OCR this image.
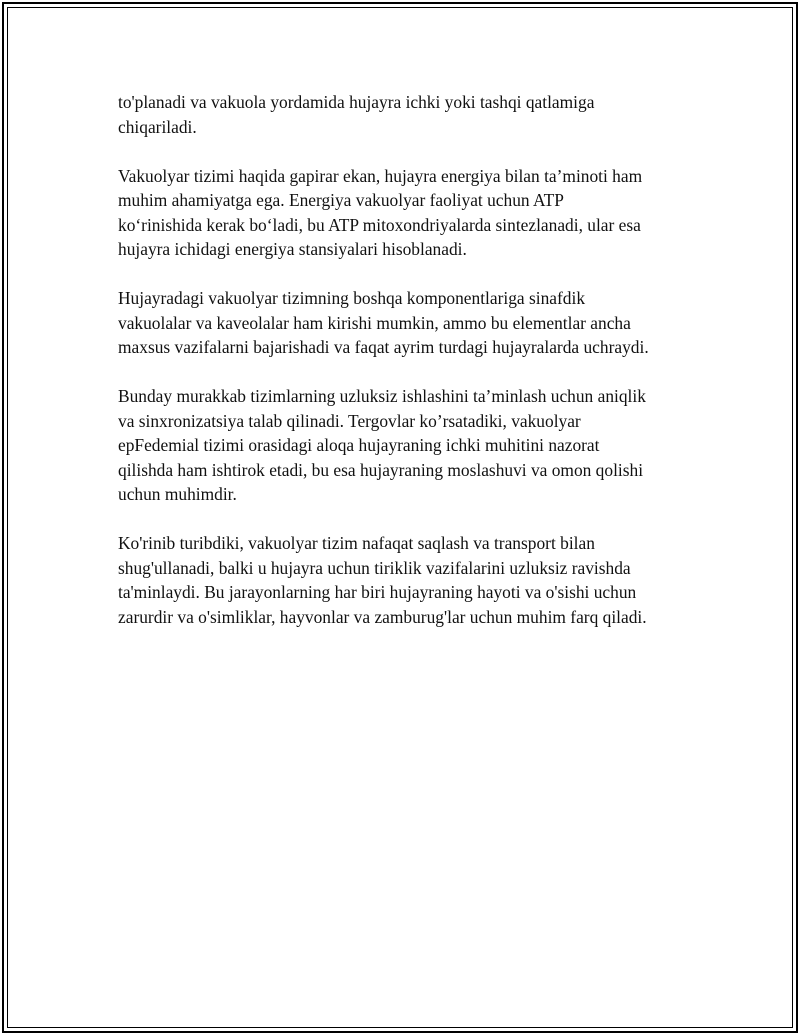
to'planadi va vakuola yordamida hujayra ichki yoki tashqi qatlamiga
chiqariladi.

Vakuolyar tizimi haqida gapirar ekan, hujayra energiya bilan ta’minoti ham
muhim ahamiyatga ega. Energiya vakuolyar faoliyat uchun ATP
ko‘rinishida kerak bo‘ladi, bu ATP mitoxondriyalarda sintezlanadi, ular esa
hujayra ichidagi energiya stansiyalari hisoblanadi.

Hujayradagi vakuolyar tizimning boshqa komponentlariga sinafdik
vakuolalar va kaveolalar ham kirishi mumkin, ammo bu elementlar ancha
maxsus vazifalarni bajarishadi va faqat ayrim turdagi hujayralarda uchraydi.

Bunday murakkab tizimlarning uzluksiz ishlashini ta’minlash uchun aniqlik
va sinxronizatsiya talab qilinadi. Tergovlar ko’rsatadiki, vakuolyar
epFedemial tizimi orasidagi aloqa hujayraning ichki muhitini nazorat
qilishda ham ishtirok etadi, bu esa hujayraning moslashuvi va omon qolishi
uchun muhimdir.

Ko'rinib turibdiki, vakuolyar tizim nafaqat saqlash va transport bilan
shug'ullanadi, balki u hujayra uchun tiriklik vazifalarini uzluksiz ravishda
ta'minlaydi. Bu jarayonlarning har biri hujayraning hayoti va o'sishi uchun
zarurdir va o'simliklar, hayvonlar va zamburug'lar uchun muhim farq qiladi.
